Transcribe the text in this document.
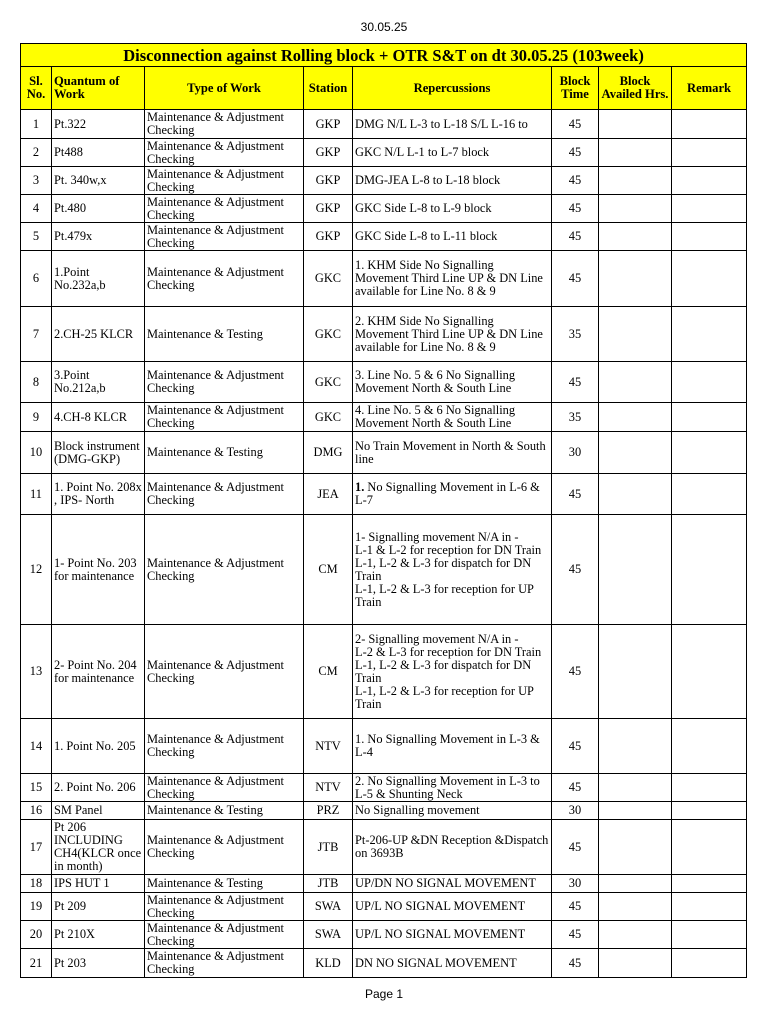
30.05.25
Disconnection against Rolling block + OTR S&T on dt 30.05.25 (103week)							
Sl. No.	Quantum of Work	Type of Work	Station	Repercussions	Block Time	Block Availed Hrs.	Remark
1	Pt.322	Maintenance & Adjustment Checking	GKP	DMG N/L L-3 to L-18 S/L L-16 to	45		
2	Pt488	Maintenance & Adjustment Checking	GKP	GKC N/L L-1 to L-7 block	45		
3	Pt. 340w,x	Maintenance & Adjustment Checking	GKP	DMG-JEA L-8 to L-18 block	45		
4	Pt.480	Maintenance & Adjustment Checking	GKP	GKC Side L-8 to L-9 block	45		
5	Pt.479x	Maintenance & Adjustment Checking	GKP	GKC Side L-8 to L-11 block	45		
6	1.Point No.232a,b	Maintenance & Adjustment Checking	GKC	1. KHM Side No Signalling Movement Third Line UP & DN Line available for Line No. 8 & 9	45		
7	2.CH-25 KLCR	Maintenance & Testing	GKC	2. KHM Side No Signalling Movement Third Line UP & DN Line available for Line No. 8 & 9	35		
8	3.Point No.212a,b	Maintenance & Adjustment Checking	GKC	3. Line No. 5 & 6 No Signalling Movement North & South Line	45		
9	4.CH-8 KLCR	Maintenance & Adjustment Checking	GKC	4. Line No. 5 & 6 No Signalling Movement North & South Line	35		
10	Block instrument (DMG-GKP)	Maintenance & Testing	DMG	No Train Movement in North & South line	30		
11	1. Point No. 208x , IPS- North	Maintenance & Adjustment Checking	JEA	1. No Signalling Movement in L-6 & L-7	45		
12	1- Point No. 203 for maintenance	Maintenance & Adjustment Checking	CM	1- Signalling movement N/A in -
L-1 & L-2 for reception for DN Train
L-1, L-2 & L-3 for dispatch for DN Train
L-1, L-2 & L-3 for reception for UP Train	45		
13	2- Point No. 204 for maintenance	Maintenance & Adjustment Checking	CM	2- Signalling movement N/A in -
L-2 & L-3 for reception for DN Train
L-1, L-2 & L-3 for dispatch for DN Train
L-1, L-2 & L-3 for reception for UP Train	45		
14	1. Point No. 205	Maintenance & Adjustment Checking	NTV	1. No Signalling Movement in L-3 & L-4	45		
15	2. Point No. 206	Maintenance & Adjustment Checking	NTV	2. No Signalling Movement in L-3 to L-5 & Shunting Neck	45		
16	SM Panel	Maintenance & Testing	PRZ	No Signalling movement	30		
17	Pt 206 INCLUDING CH4(KLCR once in month)	Maintenance & Adjustment Checking	JTB	Pt-206-UP &DN Reception &Dispatch on 3693B	45		
18	IPS HUT 1	Maintenance & Testing	JTB	UP/DN NO SIGNAL MOVEMENT	30		
19	Pt 209	Maintenance & Adjustment Checking	SWA	UP/L NO SIGNAL MOVEMENT	45		
20	Pt 210X	Maintenance & Adjustment Checking	SWA	UP/L NO SIGNAL MOVEMENT	45		
21	Pt 203	Maintenance & Adjustment Checking	KLD	DN NO SIGNAL MOVEMENT	45		
Page 1
